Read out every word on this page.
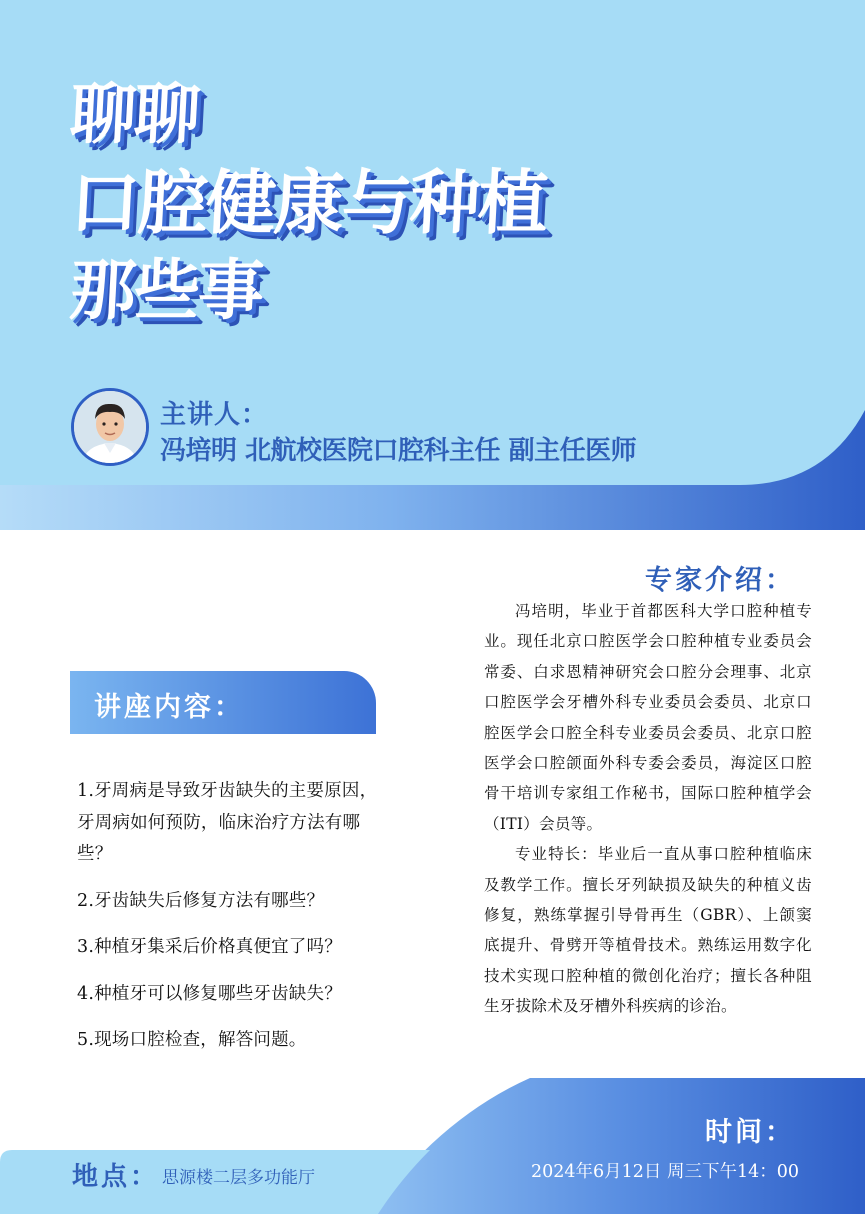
聊聊
口腔健康与种植
那些事
主讲人：
冯培明 北航校医院口腔科主任 副主任医师
专家介绍：

冯培明，毕业于首都医科大学口腔种植专业。现任北京口腔医学会口腔种植专业委员会常委、白求恩精神研究会口腔分会理事、北京口腔医学会牙槽外科专业委员会委员、北京口腔医学会口腔全科专业委员会委员、北京口腔医学会口腔颌面外科专委会委员，海淀区口腔骨干培训专家组工作秘书，国际口腔种植学会（ITI）会员等。

专业特长：毕业后一直从事口腔种植临床及教学工作。擅长牙列缺损及缺失的种植义齿修复，熟练掌握引导骨再生（GBR）、上颌窦底提升、骨劈开等植骨技术。熟练运用数字化技术实现口腔种植的微创化治疗；擅长各种阻生牙拔除术及牙槽外科疾病的诊治。

讲座内容：
1.牙周病是导致牙齿缺失的主要原因，牙周病如何预防，临床治疗方法有哪些？
2.牙齿缺失后修复方法有哪些？
3.种植牙集采后价格真便宜了吗？
4.种植牙可以修复哪些牙齿缺失？
5.现场口腔检查，解答问题。
时间：
2024年6月12日 周三下午14：00
地点： 思源楼二层多功能厅
